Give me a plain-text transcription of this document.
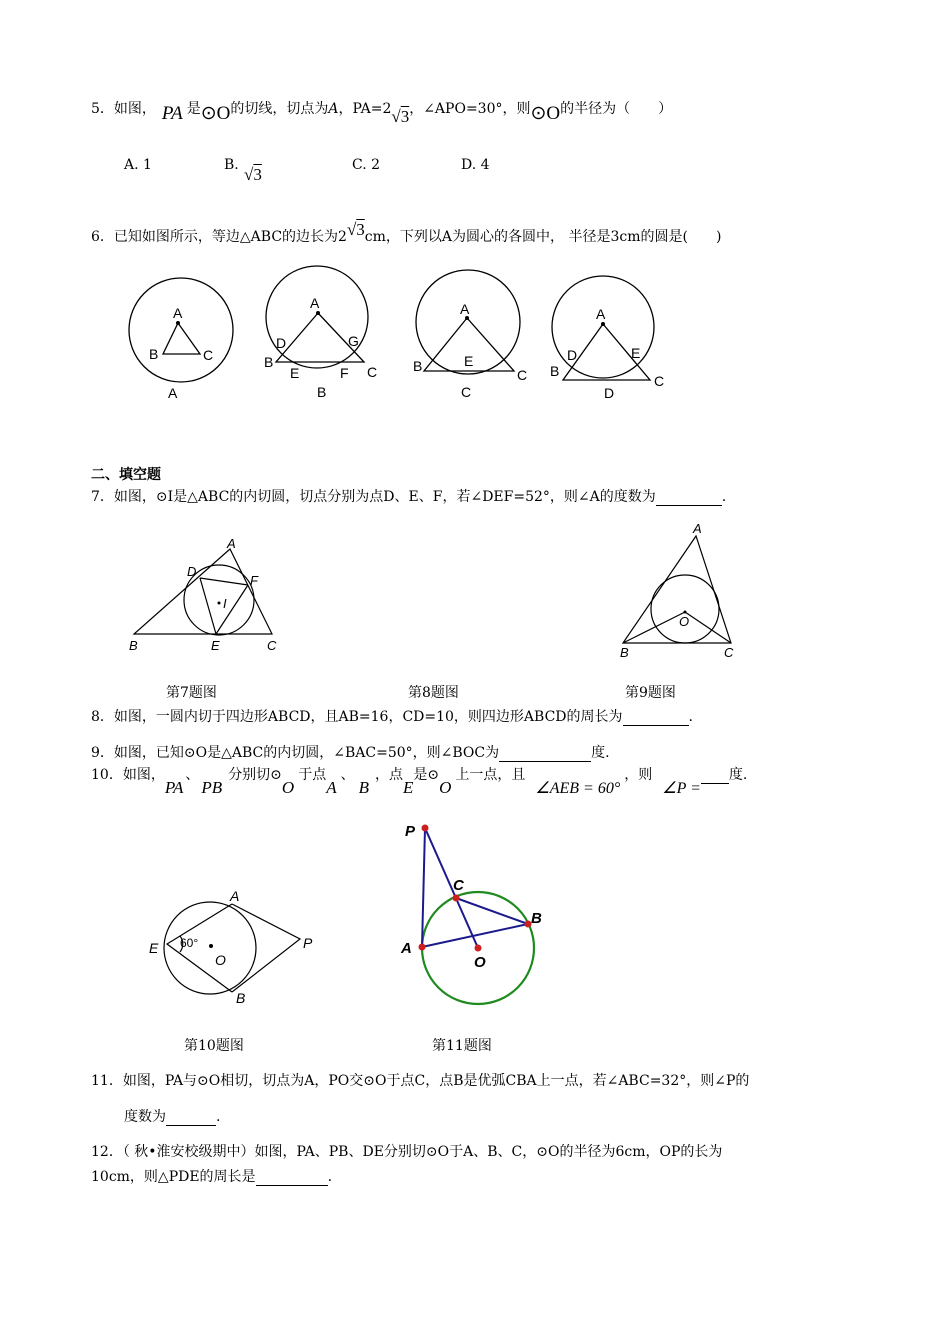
5．如图， PA 是⊙O的切线，切点为A，PA=2√3，∠APO=30°，则⊙O的半径为（　　）
A. 1	B. √3	C. 2	D. 4
6．已知如图所示，等边△ABC的边长为2√3cm，下列以A为圆心的各圆中， 半径是3cm的圆是(　　)
A
B	C
A
A
B
C
D	G
E	F
B
A
B
C
E
C
A
B
C
D	E
D
二、填空题
7．如图，⊙I是△ABC的内切圆，切点分别为点D、E、F，若∠DEF=52°，则∠A的度数为	.
A
D
F
I
B	E	C
A
O
B	C
第7题图	第8题图	第9题图
8．如图，一圆内切于四边形ABCD，且AB=16，CD=10，则四边形ABCD的周长为	.
9．如图，已知⊙O是△ABC的内切圆，∠BAC=50°，则∠BOC为	度.
10．如图，PA、PB分别切⊙O于点A、B，点E是⊙O上一点，且∠AEB = 60°，则∠P = 度.
A
E 60°
O
P
B
P
C
B
A
O
第10题图	第11题图
11．如图，PA与⊙O相切，切点为A，PO交⊙O于点C，点B是优弧CBA上一点，若∠ABC=32°，则∠P的
度数为	.
12．（ 秋•淮安校级期中）如图，PA、PB、DE分别切⊙O于A、B、C，⊙O的半径为6cm，OP的长为
10cm，则△PDE的周长是	.
